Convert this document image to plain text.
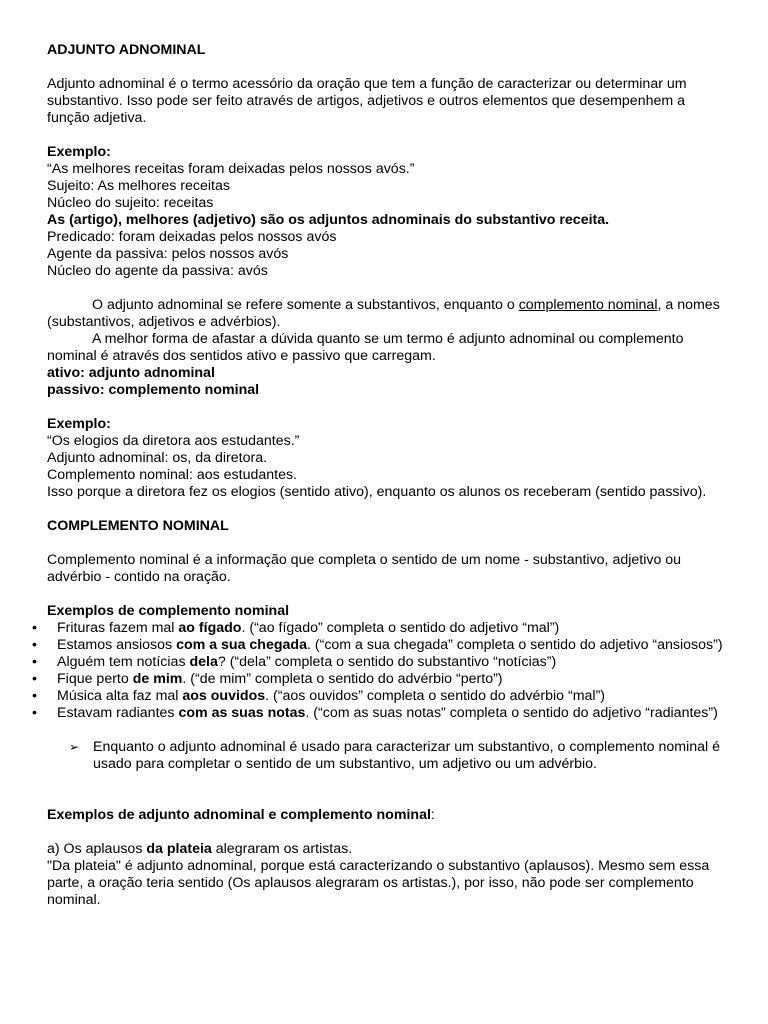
ADJUNTO ADNOMINAL

Adjunto adnominal é o termo acessório da oração que tem a função de caracterizar ou determinar um substantivo. Isso pode ser feito através de artigos, adjetivos e outros elementos que desempenhem a função adjetiva.

Exemplo:

“As melhores receitas foram deixadas pelos nossos avós.”

Sujeito: As melhores receitas

Núcleo do sujeito: receitas

As (artigo), melhores (adjetivo) são os adjuntos adnominais do substantivo receita.

Predicado: foram deixadas pelos nossos avós

Agente da passiva: pelos nossos avós

Núcleo do agente da passiva: avós

O adjunto adnominal se refere somente a substantivos, enquanto o complemento nominal, a nomes (substantivos, adjetivos e advérbios).

A melhor forma de afastar a dúvida quanto se um termo é adjunto adnominal ou complemento nominal é através dos sentidos ativo e passivo que carregam.

ativo: adjunto adnominal

passivo: complemento nominal

Exemplo:

“Os elogios da diretora aos estudantes.”

Adjunto adnominal: os, da diretora.

Complemento nominal: aos estudantes.

Isso porque a diretora fez os elogios (sentido ativo), enquanto os alunos os receberam (sentido passivo).

COMPLEMENTO NOMINAL

Complemento nominal é a informação que completa o sentido de um nome - substantivo, adjetivo ou advérbio - contido na oração.

Exemplos de complemento nominal

• Frituras fazem mal ao fígado. (“ao fígado” completa o sentido do adjetivo “mal”)
• Estamos ansiosos com a sua chegada. (“com a sua chegada” completa o sentido do adjetivo “ansiosos”)
• Alguém tem notícias dela? (“dela” completa o sentido do substantivo “notícias”)
• Fique perto de mim. (“de mim” completa o sentido do advérbio “perto”)
• Música alta faz mal aos ouvidos. (“aos ouvidos” completa o sentido do advérbio “mal”)
• Estavam radiantes com as suas notas. (“com as suas notas” completa o sentido do adjetivo “radiantes”)

➢ Enquanto o adjunto adnominal é usado para caracterizar um substantivo, o complemento nominal é usado para completar o sentido de um substantivo, um adjetivo ou um advérbio.

Exemplos de adjunto adnominal e complemento nominal:

a) Os aplausos da plateia alegraram os artistas.

"Da plateia" é adjunto adnominal, porque está caracterizando o substantivo (aplausos). Mesmo sem essa parte, a oração teria sentido (Os aplausos alegraram os artistas.), por isso, não pode ser complemento nominal.
